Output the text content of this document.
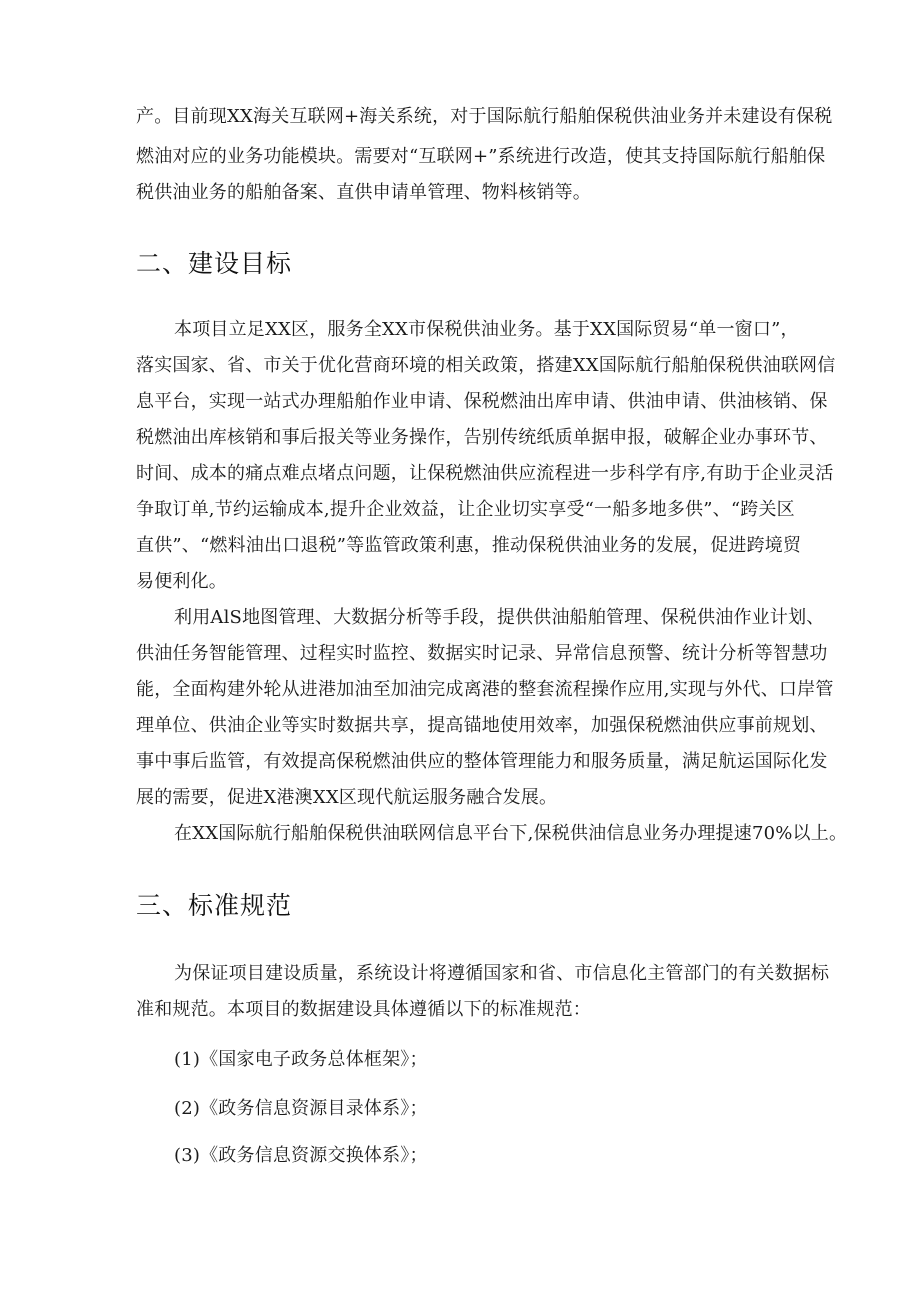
产。目前现XX海关互联网+海关系统，对于国际航行船舶保税供油业务并未建设有保税
燃油对应的业务功能模块。需要对“互联网+”系统进行改造，使其支持国际航行船舶保
税供油业务的船舶备案、直供申请单管理、物料核销等。
二、建设目标
本项目立足XX区，服务全XX市保税供油业务。基于XX国际贸易“单一窗口”，
落实国家、省、市关于优化营商环境的相关政策，搭建XX国际航行船舶保税供油联网信
息平台，实现一站式办理船舶作业申请、保税燃油出库申请、供油申请、供油核销、保
税燃油出库核销和事后报关等业务操作，告别传统纸质单据申报，破解企业办事环节、
时间、成本的痛点难点堵点问题，让保税燃油供应流程进一步科学有序,有助于企业灵活
争取订单,节约运输成本,提升企业效益，让企业切实享受“一船多地多供”、“跨关区
直供”、“燃料油出口退税”等监管政策利惠，推动保税供油业务的发展，促进跨境贸
易便利化。
利用AlS地图管理、大数据分析等手段，提供供油船舶管理、保税供油作业计划、
供油任务智能管理、过程实时监控、数据实时记录、异常信息预警、统计分析等智慧功
能，全面构建外轮从进港加油至加油完成离港的整套流程操作应用,实现与外代、口岸管
理单位、供油企业等实时数据共享，提高锚地使用效率，加强保税燃油供应事前规划、
事中事后监管，有效提高保税燃油供应的整体管理能力和服务质量，满足航运国际化发
展的需要，促进X港澳XX区现代航运服务融合发展。
在XX国际航行船舶保税供油联网信息平台下,保税供油信息业务办理提速70%以上。
三、标准规范
为保证项目建设质量，系统设计将遵循国家和省、市信息化主管部门的有关数据标
准和规范。本项目的数据建设具体遵循以下的标准规范：
(1)《国家电子政务总体框架》；
(2)《政务信息资源目录体系》；
(3)《政务信息资源交换体系》；
